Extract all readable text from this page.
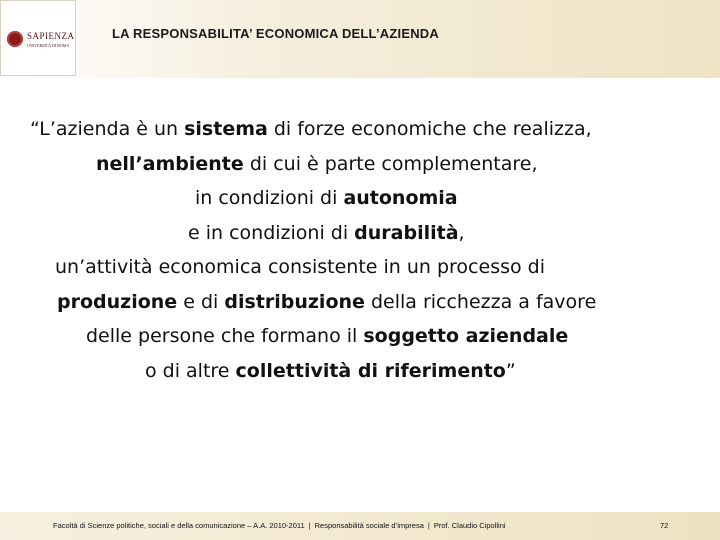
SAPIENZA
UNIVERSITÀ DI ROMA
LA RESPONSABILITA’ ECONOMICA DELL’AZIENDA
“L’azienda è un sistema di forze economiche che realizza,
nell’ambiente di cui è parte complementare,
in condizioni di autonomia
e in condizioni di durabilità,
un’attività economica consistente in un processo di
produzione e di distribuzione della ricchezza a favore
delle persone che formano il soggetto aziendale
o di altre collettività di riferimento”
Facoltà di Scienze politiche, sociali e della comunicazione – A.A. 2010-2011 | Responsabilità sociale d’impresa | Prof. Claudio Cipollini	72
